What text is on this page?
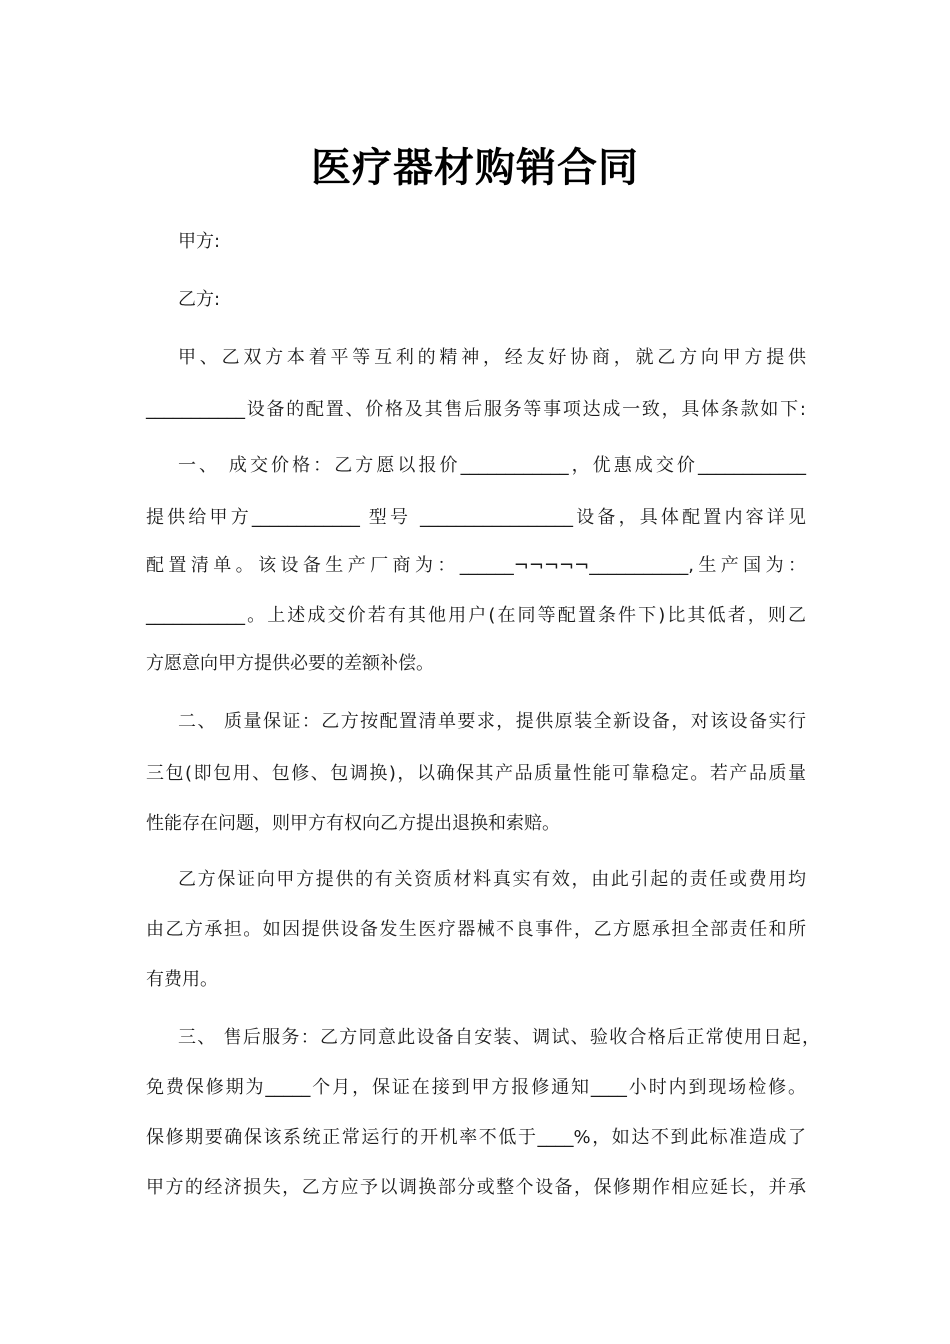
医疗器材购销合同
甲方:
乙方:
甲、乙双方本着平等互利的精神，经友好协商，就乙方向甲方提供
___________设备的配置、价格及其售后服务等事项达成一致，具体条款如下:
一、 成交价格：乙方愿以报价____________，优惠成交价____________
提供给甲方____________ 型号 _________________设备，具体配置内容详见
配置清单。该设备生产厂商为：______¬¬¬¬¬___________,生产国为：
___________。上述成交价若有其他用户(在同等配置条件下)比其低者，则乙
方愿意向甲方提供必要的差额补偿。
二、 质量保证：乙方按配置清单要求，提供原装全新设备，对该设备实行
三包(即包用、包修、包调换)，以确保其产品质量性能可靠稳定。若产品质量
性能存在问题，则甲方有权向乙方提出退换和索赔。
乙方保证向甲方提供的有关资质材料真实有效，由此引起的责任或费用均
由乙方承担。如因提供设备发生医疗器械不良事件，乙方愿承担全部责任和所
有费用。
三、 售后服务：乙方同意此设备自安装、调试、验收合格后正常使用日起，
免费保修期为_____个月，保证在接到甲方报修通知____小时内到现场检修。
保修期要确保该系统正常运行的开机率不低于____%，如达不到此标准造成了
甲方的经济损失，乙方应予以调换部分或整个设备，保修期作相应延长，并承
